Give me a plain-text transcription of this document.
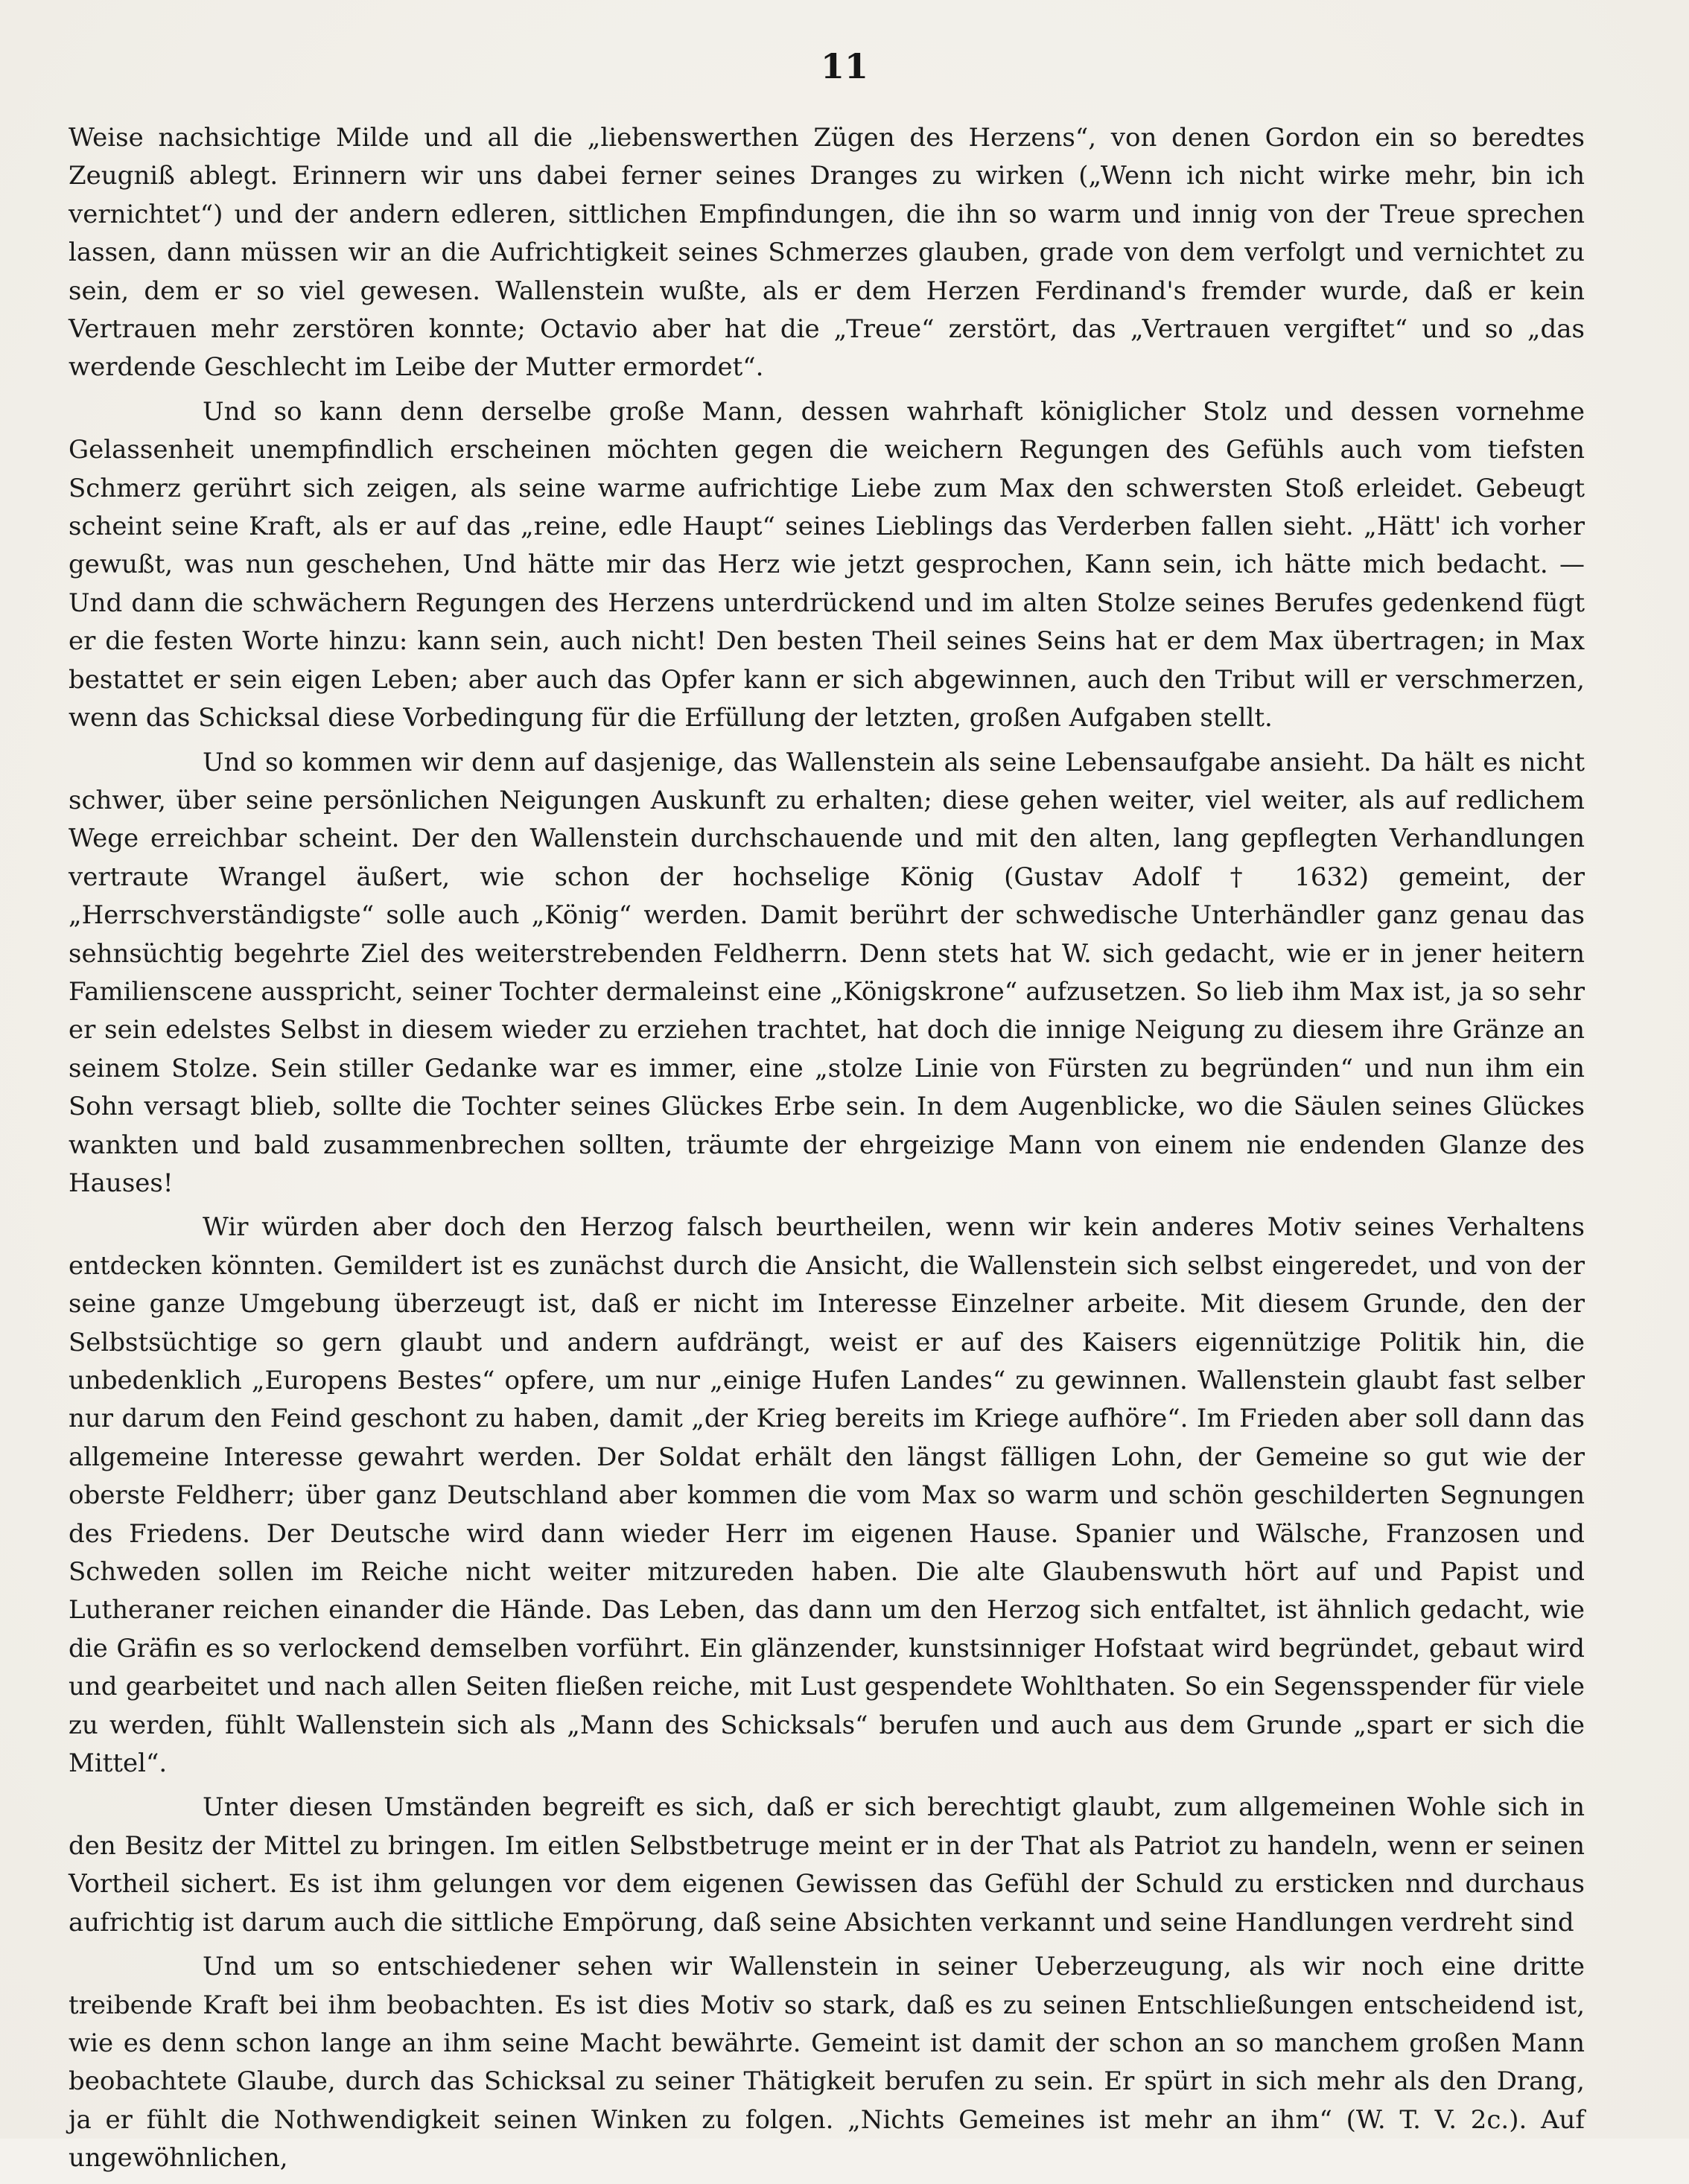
11

Weise nachsichtige Milde und all die „liebenswerthen Zügen des Herzens“, von denen Gordon ein so beredtes Zeugniß ablegt. Erinnern wir uns dabei ferner seines Dranges zu wirken („Wenn ich nicht wirke mehr, bin ich vernichtet“) und der andern edleren, sittlichen Empfindungen, die ihn so warm und innig von der Treue sprechen lassen, dann müssen wir an die Aufrichtigkeit seines Schmerzes glauben, grade von dem verfolgt und vernichtet zu sein, dem er so viel gewesen. Wallenstein wußte, als er dem Herzen Ferdinand's fremder wurde, daß er kein Vertrauen mehr zerstören konnte; Octavio aber hat die „Treue“ zerstört, das „Vertrauen vergiftet“ und so „das werdende Geschlecht im Leibe der Mutter ermordet“.

Und so kann denn derselbe große Mann, dessen wahrhaft königlicher Stolz und dessen vornehme Gelassenheit unempfindlich erscheinen möchten gegen die weichern Regungen des Gefühls auch vom tiefsten Schmerz gerührt sich zeigen, als seine warme aufrichtige Liebe zum Max den schwersten Stoß erleidet. Gebeugt scheint seine Kraft, als er auf das „reine, edle Haupt“ seines Lieblings das Verderben fallen sieht. „Hätt' ich vorher gewußt, was nun geschehen, Und hätte mir das Herz wie jetzt gesprochen, Kann sein, ich hätte mich bedacht. — Und dann die schwächern Regungen des Herzens unterdrückend und im alten Stolze seines Berufes gedenkend fügt er die festen Worte hinzu: kann sein, auch nicht! Den besten Theil seines Seins hat er dem Max übertragen; in Max bestattet er sein eigen Leben; aber auch das Opfer kann er sich abgewinnen, auch den Tribut will er verschmerzen, wenn das Schicksal diese Vorbedingung für die Erfüllung der letzten, großen Aufgaben stellt.

Und so kommen wir denn auf dasjenige, das Wallenstein als seine Lebensaufgabe ansieht. Da hält es nicht schwer, über seine persönlichen Neigungen Auskunft zu erhalten; diese gehen weiter, viel weiter, als auf redlichem Wege erreichbar scheint. Der den Wallenstein durchschauende und mit den alten, lang gepflegten Verhandlungen vertraute Wrangel äußert, wie schon der hochselige König (Gustav Adolf † 1632) gemeint, der „Herrschverständigste“ solle auch „König“ werden. Damit berührt der schwedische Unterhändler ganz genau das sehnsüchtig begehrte Ziel des weiterstrebenden Feldherrn. Denn stets hat W. sich gedacht, wie er in jener heitern Familienscene ausspricht, seiner Tochter dermaleinst eine „Königskrone“ aufzusetzen. So lieb ihm Max ist, ja so sehr er sein edelstes Selbst in diesem wieder zu erziehen trachtet, hat doch die innige Neigung zu diesem ihre Gränze an seinem Stolze. Sein stiller Gedanke war es immer, eine „stolze Linie von Fürsten zu begründen“ und nun ihm ein Sohn versagt blieb, sollte die Tochter seines Glückes Erbe sein. In dem Augenblicke, wo die Säulen seines Glückes wankten und bald zusammenbrechen sollten, träumte der ehrgeizige Mann von einem nie endenden Glanze des Hauses!

Wir würden aber doch den Herzog falsch beurtheilen, wenn wir kein anderes Motiv seines Verhaltens entdecken könnten. Gemildert ist es zunächst durch die Ansicht, die Wallenstein sich selbst eingeredet, und von der seine ganze Umgebung überzeugt ist, daß er nicht im Interesse Einzelner arbeite. Mit diesem Grunde, den der Selbstsüchtige so gern glaubt und andern aufdrängt, weist er auf des Kaisers eigennützige Politik hin, die unbedenklich „Europens Bestes“ opfere, um nur „einige Hufen Landes“ zu gewinnen. Wallenstein glaubt fast selber nur darum den Feind geschont zu haben, damit „der Krieg bereits im Kriege aufhöre“. Im Frieden aber soll dann das allgemeine Interesse gewahrt werden. Der Soldat erhält den längst fälligen Lohn, der Gemeine so gut wie der oberste Feldherr; über ganz Deutschland aber kommen die vom Max so warm und schön geschilderten Segnungen des Friedens. Der Deutsche wird dann wieder Herr im eigenen Hause. Spanier und Wälsche, Franzosen und Schweden sollen im Reiche nicht weiter mitzureden haben. Die alte Glaubenswuth hört auf und Papist und Lutheraner reichen einander die Hände. Das Leben, das dann um den Herzog sich entfaltet, ist ähnlich gedacht, wie die Gräfin es so verlockend demselben vorführt. Ein glänzender, kunstsinniger Hofstaat wird begründet, gebaut wird und gearbeitet und nach allen Seiten fließen reiche, mit Lust gespendete Wohlthaten. So ein Segensspender für viele zu werden, fühlt Wallenstein sich als „Mann des Schicksals“ berufen und auch aus dem Grunde „spart er sich die Mittel“.

Unter diesen Umständen begreift es sich, daß er sich berechtigt glaubt, zum allgemeinen Wohle sich in den Besitz der Mittel zu bringen. Im eitlen Selbstbetruge meint er in der That als Patriot zu handeln, wenn er seinen Vortheil sichert. Es ist ihm gelungen vor dem eigenen Gewissen das Gefühl der Schuld zu ersticken nnd durchaus aufrichtig ist darum auch die sittliche Empörung, daß seine Absichten verkannt und seine Handlungen verdreht sind

Und um so entschiedener sehen wir Wallenstein in seiner Ueberzeugung, als wir noch eine dritte treibende Kraft bei ihm beobachten. Es ist dies Motiv so stark, daß es zu seinen Entschließungen entscheidend ist, wie es denn schon lange an ihm seine Macht bewährte. Gemeint ist damit der schon an so manchem großen Mann beobachtete Glaube, durch das Schicksal zu seiner Thätigkeit berufen zu sein. Er spürt in sich mehr als den Drang, ja er fühlt die Nothwendigkeit seinen Winken zu folgen. „Nichts Gemeines ist mehr an ihm“ (W. T. V. 2c.). Auf ungewöhnlichen,
